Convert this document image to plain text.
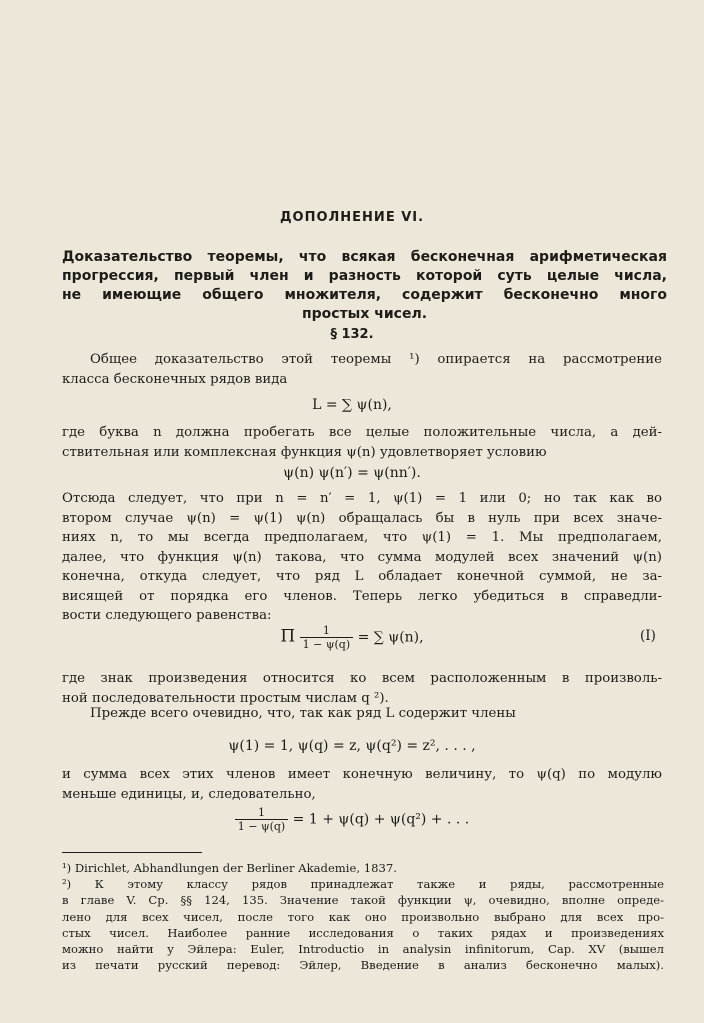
ДОПОЛНЕНИЕ VI.
Доказательство теоремы, что всякая бесконечная арифметическая
прогрессия, первый член и разность которой суть целые числа,
не имеющие общего множителя, содержит бесконечно много
простых чисел.
§ 132.
Общее доказательство этой теоремы ¹) опирается на рассмотрение
класса бесконечных рядов вида
L = ∑ ψ(n),
где буква n должна пробегать все целые положительные числа, а дей-
ствительная или комплексная функция ψ(n) удовлетворяет условию
ψ(n) ψ(n′) = ψ(nn′).
Отсюда следует, что при n = n′ = 1, ψ(1) = 1 или 0; но так как во
втором случае ψ(n) = ψ(1) ψ(n) обращалась бы в нуль при всех значе-
ниях n, то мы всегда предполагаем, что ψ(1) = 1. Мы предполагаем,
далее, что функция ψ(n) такова, что сумма модулей всех значений ψ(n)
конечна, откуда следует, что ряд L обладает конечной суммой, не за-
висящей от порядка его членов. Теперь легко убедиться в справедли-
вости следующего равенства:
Π $\frac{1}{1 - \psi(q)}$ = ∑ ψ(n),	(I)
где знак произведения относится ко всем расположенным в произволь-
ной последовательности простым числам q ²).
Прежде всего очевидно, что, так как ряд L содержит члены
ψ(1) = 1, ψ(q) = z, ψ(q²) = z², . . . ,
и сумма всех этих членов имеет конечную величину, то ψ(q) по модулю
меньше единицы, и, следовательно,
$\frac{1}{1 - \psi(q)} = 1 + \psi(q) + \psi(q^2)$ + . . .
¹) Dirichlet, Abhandlungen der Berliner Akademie, 1837.
²) К этому классу рядов принадлежат также и ряды, рассмотренные
в главе V. Ср. §§ 124, 135. Значение такой функции ψ, очевидно, вполне опреде-
лено для всех чисел, после того как оно произвольно выбрано для всех про-
стых чисел. Наиболее ранние исследования о таких рядах и произведениях
можно найти у Эйлера: Euler, Introductio in analysin infinitorum, Cap. XV (вышел
из печати русский перевод: Эйлер, Введение в анализ бесконечно малых).
